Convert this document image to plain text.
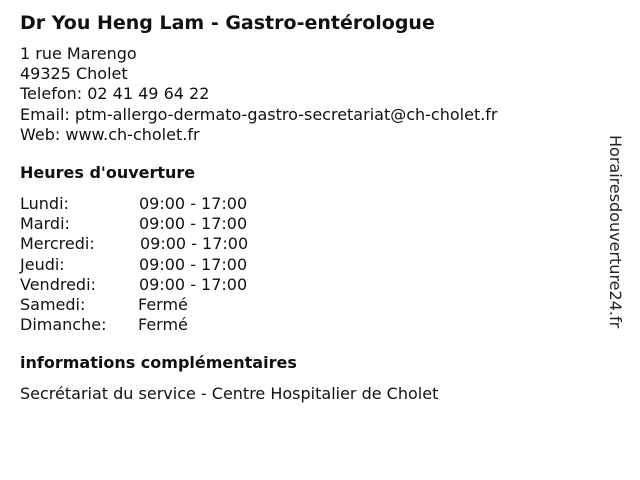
Dr You Heng Lam - Gastro-entérologue
1 rue Marengo
49325 Cholet
Telefon: 02 41 49 64 22
Email: ptm-allergo-dermato-gastro-secretariat@ch-cholet.fr
Web: www.ch-cholet.fr
Heures d'ouverture
Lundi:	09:00 - 17:00
Mardi:	09:00 - 17:00
Mercredi:	09:00 - 17:00
Jeudi:	09:00 - 17:00
Vendredi:	09:00 - 17:00
Samedi:	Fermé
Dimanche: Fermé
informations complémentaires
Secrétariat du service - Centre Hospitalier de Cholet
Horairesdouverture24.fr
